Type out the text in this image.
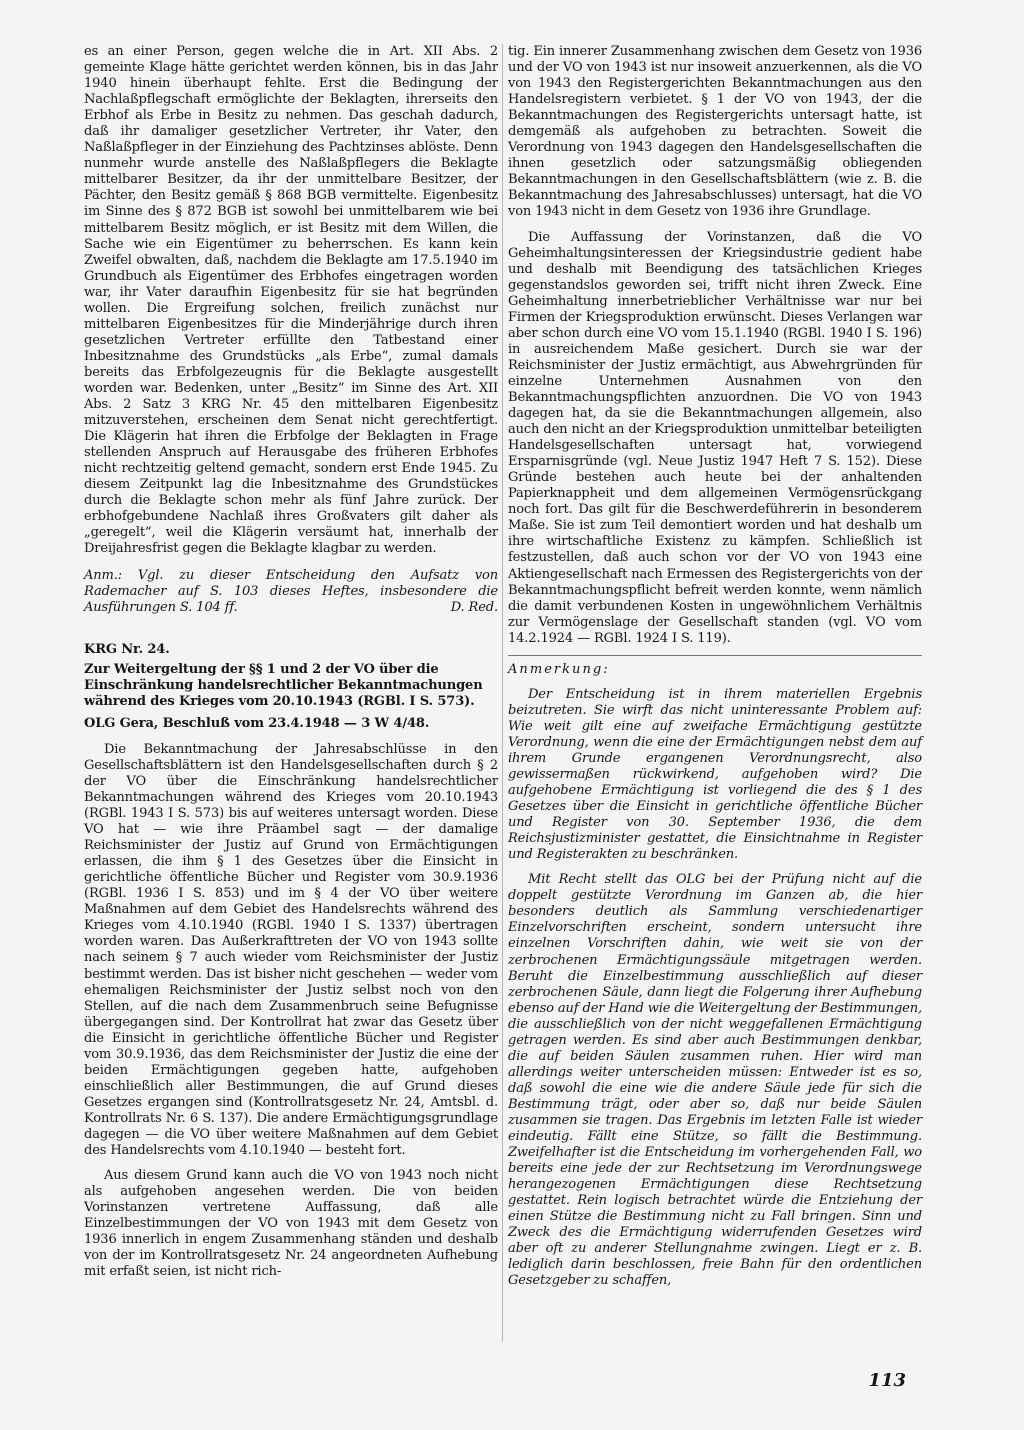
es an einer Person, gegen welche die in Art. XII Abs. 2 gemeinte Klage hätte gerichtet werden können, bis in das Jahr 1940 hinein überhaupt fehlte. Erst die Bedingung der Nachlaßpflegschaft ermöglichte der Beklagten, ihrerseits den Erbhof als Erbe in Besitz zu nehmen. Das geschah dadurch, daß ihr damaliger gesetzlicher Vertreter, ihr Vater, den Naßlaßpfleger in der Einziehung des Pachtzinses ablöste. Denn nunmehr wurde anstelle des Naßlaßpflegers die Beklagte mittelbarer Besitzer, da ihr der unmittelbare Besitzer, der Pächter, den Besitz gemäß § 868 BGB vermittelte. Eigenbesitz im Sinne des § 872 BGB ist sowohl bei unmittelbarem wie bei mittelbarem Besitz möglich, er ist Besitz mit dem Willen, die Sache wie ein Eigentümer zu beherrschen. Es kann kein Zweifel obwalten, daß, nachdem die Beklagte am 17.5.1940 im Grundbuch als Eigentümer des Erbhofes eingetragen worden war, ihr Vater daraufhin Eigenbesitz für sie hat begründen wollen. Die Ergreifung solchen, freilich zunächst nur mittelbaren Eigenbesitzes für die Minderjährige durch ihren gesetzlichen Vertreter erfüllte den Tatbestand einer Inbesitznahme des Grundstücks „als Erbe“, zumal damals bereits das Erbfolgezeugnis für die Beklagte ausgestellt worden war. Bedenken, unter „Besitz“ im Sinne des Art. XII Abs. 2 Satz 3 KRG Nr. 45 den mittelbaren Eigenbesitz mitzuverstehen, erscheinen dem Senat nicht gerechtfertigt. Die Klägerin hat ihren die Erbfolge der Beklagten in Frage stellenden Anspruch auf Herausgabe des früheren Erbhofes nicht rechtzeitig geltend gemacht, sondern erst Ende 1945. Zu diesem Zeitpunkt lag die Inbesitznahme des Grundstückes durch die Beklagte schon mehr als fünf Jahre zurück. Der erbhofgebundene Nachlaß ihres Großvaters gilt daher als „geregelt“, weil die Klägerin versäumt hat, innerhalb der Dreijahresfrist gegen die Beklagte klagbar zu werden.

Anm.: Vgl. zu dieser Entscheidung den Aufsatz von Rademacher auf S. 103 dieses Heftes, insbesondere die Ausführungen S. 104 ff.	D. Red.

KRG Nr. 24.

Zur Weitergeltung der §§ 1 und 2 der VO über die Einschränkung handelsrechtlicher Bekanntmachungen während des Krieges vom 20.10.1943 (RGBl. I S. 573).

OLG Gera, Beschluß vom 23.4.1948 — 3 W 4/48.

Die Bekanntmachung der Jahresabschlüsse in den Gesellschaftsblättern ist den Handelsgesellschaften durch § 2 der VO über die Einschränkung handelsrechtlicher Bekanntmachungen während des Krieges vom 20.10.1943 (RGBl. 1943 I S. 573) bis auf weiteres untersagt worden. Diese VO hat — wie ihre Präambel sagt — der damalige Reichsminister der Justiz auf Grund von Ermächtigungen erlassen, die ihm § 1 des Gesetzes über die Einsicht in gerichtliche öffentliche Bücher und Register vom 30.9.1936 (RGBl. 1936 I S. 853) und im § 4 der VO über weitere Maßnahmen auf dem Gebiet des Handelsrechts während des Krieges vom 4.10.1940 (RGBl. 1940 I S. 1337) übertragen worden waren. Das Außerkrafttreten der VO von 1943 sollte nach seinem § 7 auch wieder vom Reichsminister der Justiz bestimmt werden. Das ist bisher nicht geschehen — weder vom ehemaligen Reichsminister der Justiz selbst noch von den Stellen, auf die nach dem Zusammenbruch seine Befugnisse übergegangen sind. Der Kontrollrat hat zwar das Gesetz über die Einsicht in gerichtliche öffentliche Bücher und Register vom 30.9.1936, das dem Reichsminister der Justiz die eine der beiden Ermächtigungen gegeben hatte, aufgehoben einschließlich aller Bestimmungen, die auf Grund dieses Gesetzes ergangen sind (Kontrollratsgesetz Nr. 24, Amtsbl. d. Kontrollrats Nr. 6 S. 137). Die andere Ermächtigungsgrundlage dagegen — die VO über weitere Maßnahmen auf dem Gebiet des Handelsrechts vom 4.10.1940 — besteht fort.

Aus diesem Grund kann auch die VO von 1943 noch nicht als aufgehoben angesehen werden. Die von beiden Vorinstanzen vertretene Auffassung, daß alle Einzelbestimmungen der VO von 1943 mit dem Gesetz von 1936 innerlich in engem Zusammenhang ständen und deshalb von der im Kontrollratsgesetz Nr. 24 angeordneten Aufhebung mit erfaßt seien, ist nicht rich-

tig. Ein innerer Zusammenhang zwischen dem Gesetz von 1936 und der VO von 1943 ist nur insoweit anzuerkennen, als die VO von 1943 den Registergerichten Bekanntmachungen aus den Handelsregistern verbietet. § 1 der VO von 1943, der die Bekanntmachungen des Registergerichts untersagt hatte, ist demgemäß als aufgehoben zu betrachten. Soweit die Verordnung von 1943 dagegen den Handelsgesellschaften die ihnen gesetzlich oder satzungsmäßig obliegenden Bekanntmachungen in den Gesellschaftsblättern (wie z. B. die Bekanntmachung des Jahresabschlusses) untersagt, hat die VO von 1943 nicht in dem Gesetz von 1936 ihre Grundlage.

Die Auffassung der Vorinstanzen, daß die VO Geheimhaltungsinteressen der Kriegsindustrie gedient habe und deshalb mit Beendigung des tatsächlichen Krieges gegenstandslos geworden sei, trifft nicht ihren Zweck. Eine Geheimhaltung innerbetrieblicher Verhältnisse war nur bei Firmen der Kriegsproduktion erwünscht. Dieses Verlangen war aber schon durch eine VO vom 15.1.1940 (RGBl. 1940 I S. 196) in ausreichendem Maße gesichert. Durch sie war der Reichsminister der Justiz ermächtigt, aus Abwehrgründen für einzelne Unternehmen Ausnahmen von den Bekanntmachungspflichten anzuordnen. Die VO von 1943 dagegen hat, da sie die Bekanntmachungen allgemein, also auch den nicht an der Kriegsproduktion unmittelbar beteiligten Handelsgesellschaften untersagt hat, vorwiegend Ersparnisgründe (vgl. Neue Justiz 1947 Heft 7 S. 152). Diese Gründe bestehen auch heute bei der anhaltenden Papierknappheit und dem allgemeinen Vermögensrückgang noch fort. Das gilt für die Beschwerdeführerin in besonderem Maße. Sie ist zum Teil demontiert worden und hat deshalb um ihre wirtschaftliche Existenz zu kämpfen. Schließlich ist festzustellen, daß auch schon vor der VO von 1943 eine Aktiengesellschaft nach Ermessen des Registergerichts von der Bekanntmachungspflicht befreit werden konnte, wenn nämlich die damit verbundenen Kosten in ungewöhnlichem Verhältnis zur Vermögenslage der Gesellschaft standen (vgl. VO vom 14.2.1924 — RGBl. 1924 I S. 119).

Anmerkung:

Der Entscheidung ist in ihrem materiellen Ergebnis beizutreten. Sie wirft das nicht uninteressante Problem auf: Wie weit gilt eine auf zweifache Ermächtigung gestützte Verordnung, wenn die eine der Ermächtigungen nebst dem auf ihrem Grunde ergangenen Verordnungsrecht, also gewissermaßen rückwirkend, aufgehoben wird? Die aufgehobene Ermächtigung ist vorliegend die des § 1 des Gesetzes über die Einsicht in gerichtliche öffentliche Bücher und Register von 30. September 1936, die dem Reichsjustizminister gestattet, die Einsichtnahme in Register und Registerakten zu beschränken.

Mit Recht stellt das OLG bei der Prüfung nicht auf die doppelt gestützte Verordnung im Ganzen ab, die hier besonders deutlich als Sammlung verschiedenartiger Einzelvorschriften erscheint, sondern untersucht ihre einzelnen Vorschriften dahin, wie weit sie von der zerbrochenen Ermächtigungssäule mitgetragen werden. Beruht die Einzelbestimmung ausschließlich auf dieser zerbrochenen Säule, dann liegt die Folgerung ihrer Aufhebung ebenso auf der Hand wie die Weitergeltung der Bestimmungen, die ausschließlich von der nicht weggefallenen Ermächtigung getragen werden. Es sind aber auch Bestimmungen denkbar, die auf beiden Säulen zusammen ruhen. Hier wird man allerdings weiter unterscheiden müssen: Entweder ist es so, daß sowohl die eine wie die andere Säule jede für sich die Bestimmung trägt, oder aber so, daß nur beide Säulen zusammen sie tragen. Das Ergebnis im letzten Falle ist wieder eindeutig. Fällt eine Stütze, so fällt die Bestimmung. Zweifelhafter ist die Entscheidung im vorhergehenden Fall, wo bereits eine jede der zur Rechtsetzung im Verordnungswege herangezogenen Ermächtigungen diese Rechtsetzung gestattet. Rein logisch betrachtet würde die Entziehung der einen Stütze die Bestimmung nicht zu Fall bringen. Sinn und Zweck des die Ermächtigung widerrufenden Gesetzes wird aber oft zu anderer Stellungnahme zwingen. Liegt er z. B. lediglich darin beschlossen, freie Bahn für den ordentlichen Gesetzgeber zu schaffen,

113
